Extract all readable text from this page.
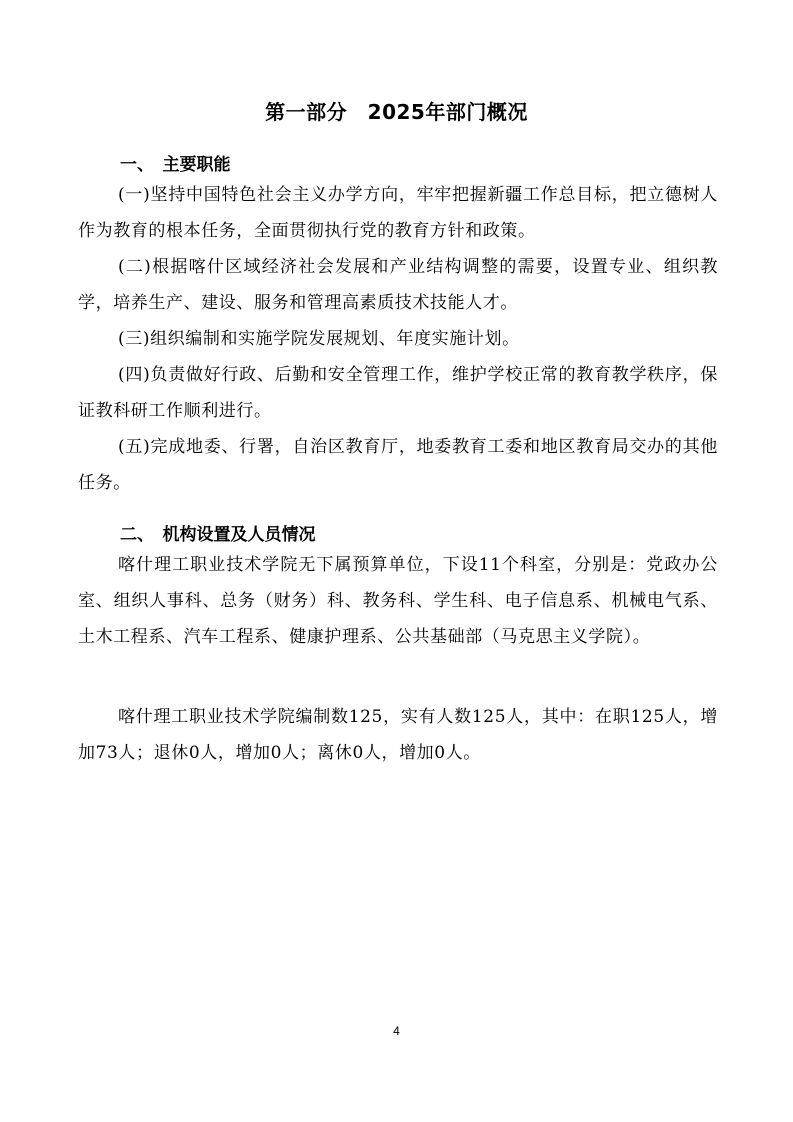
第一部分　2025年部门概况
一、　主要职能
(一)坚持中国特色社会主义办学方向，牢牢把握新疆工作总目标，把立德树人作为教育的根本任务，全面贯彻执行党的教育方针和政策。
(二)根据喀什区域经济社会发展和产业结构调整的需要，设置专业、组织教学，培养生产、建设、服务和管理高素质技术技能人才。
(三)组织编制和实施学院发展规划、年度实施计划。
(四)负责做好行政、后勤和安全管理工作，维护学校正常的教育教学秩序，保证教科研工作顺利进行。
(五)完成地委、行署，自治区教育厅，地委教育工委和地区教育局交办的其他任务。
二、　机构设置及人员情况
喀什理工职业技术学院无下属预算单位，下设11个科室，分别是：党政办公室、组织人事科、总务（财务）科、教务科、学生科、电子信息系、机械电气系、土木工程系、汽车工程系、健康护理系、公共基础部（马克思主义学院）。
喀什理工职业技术学院编制数125，实有人数125人，其中：在职125人，增加73人；退休0人，增加0人；离休0人，增加0人。
4
